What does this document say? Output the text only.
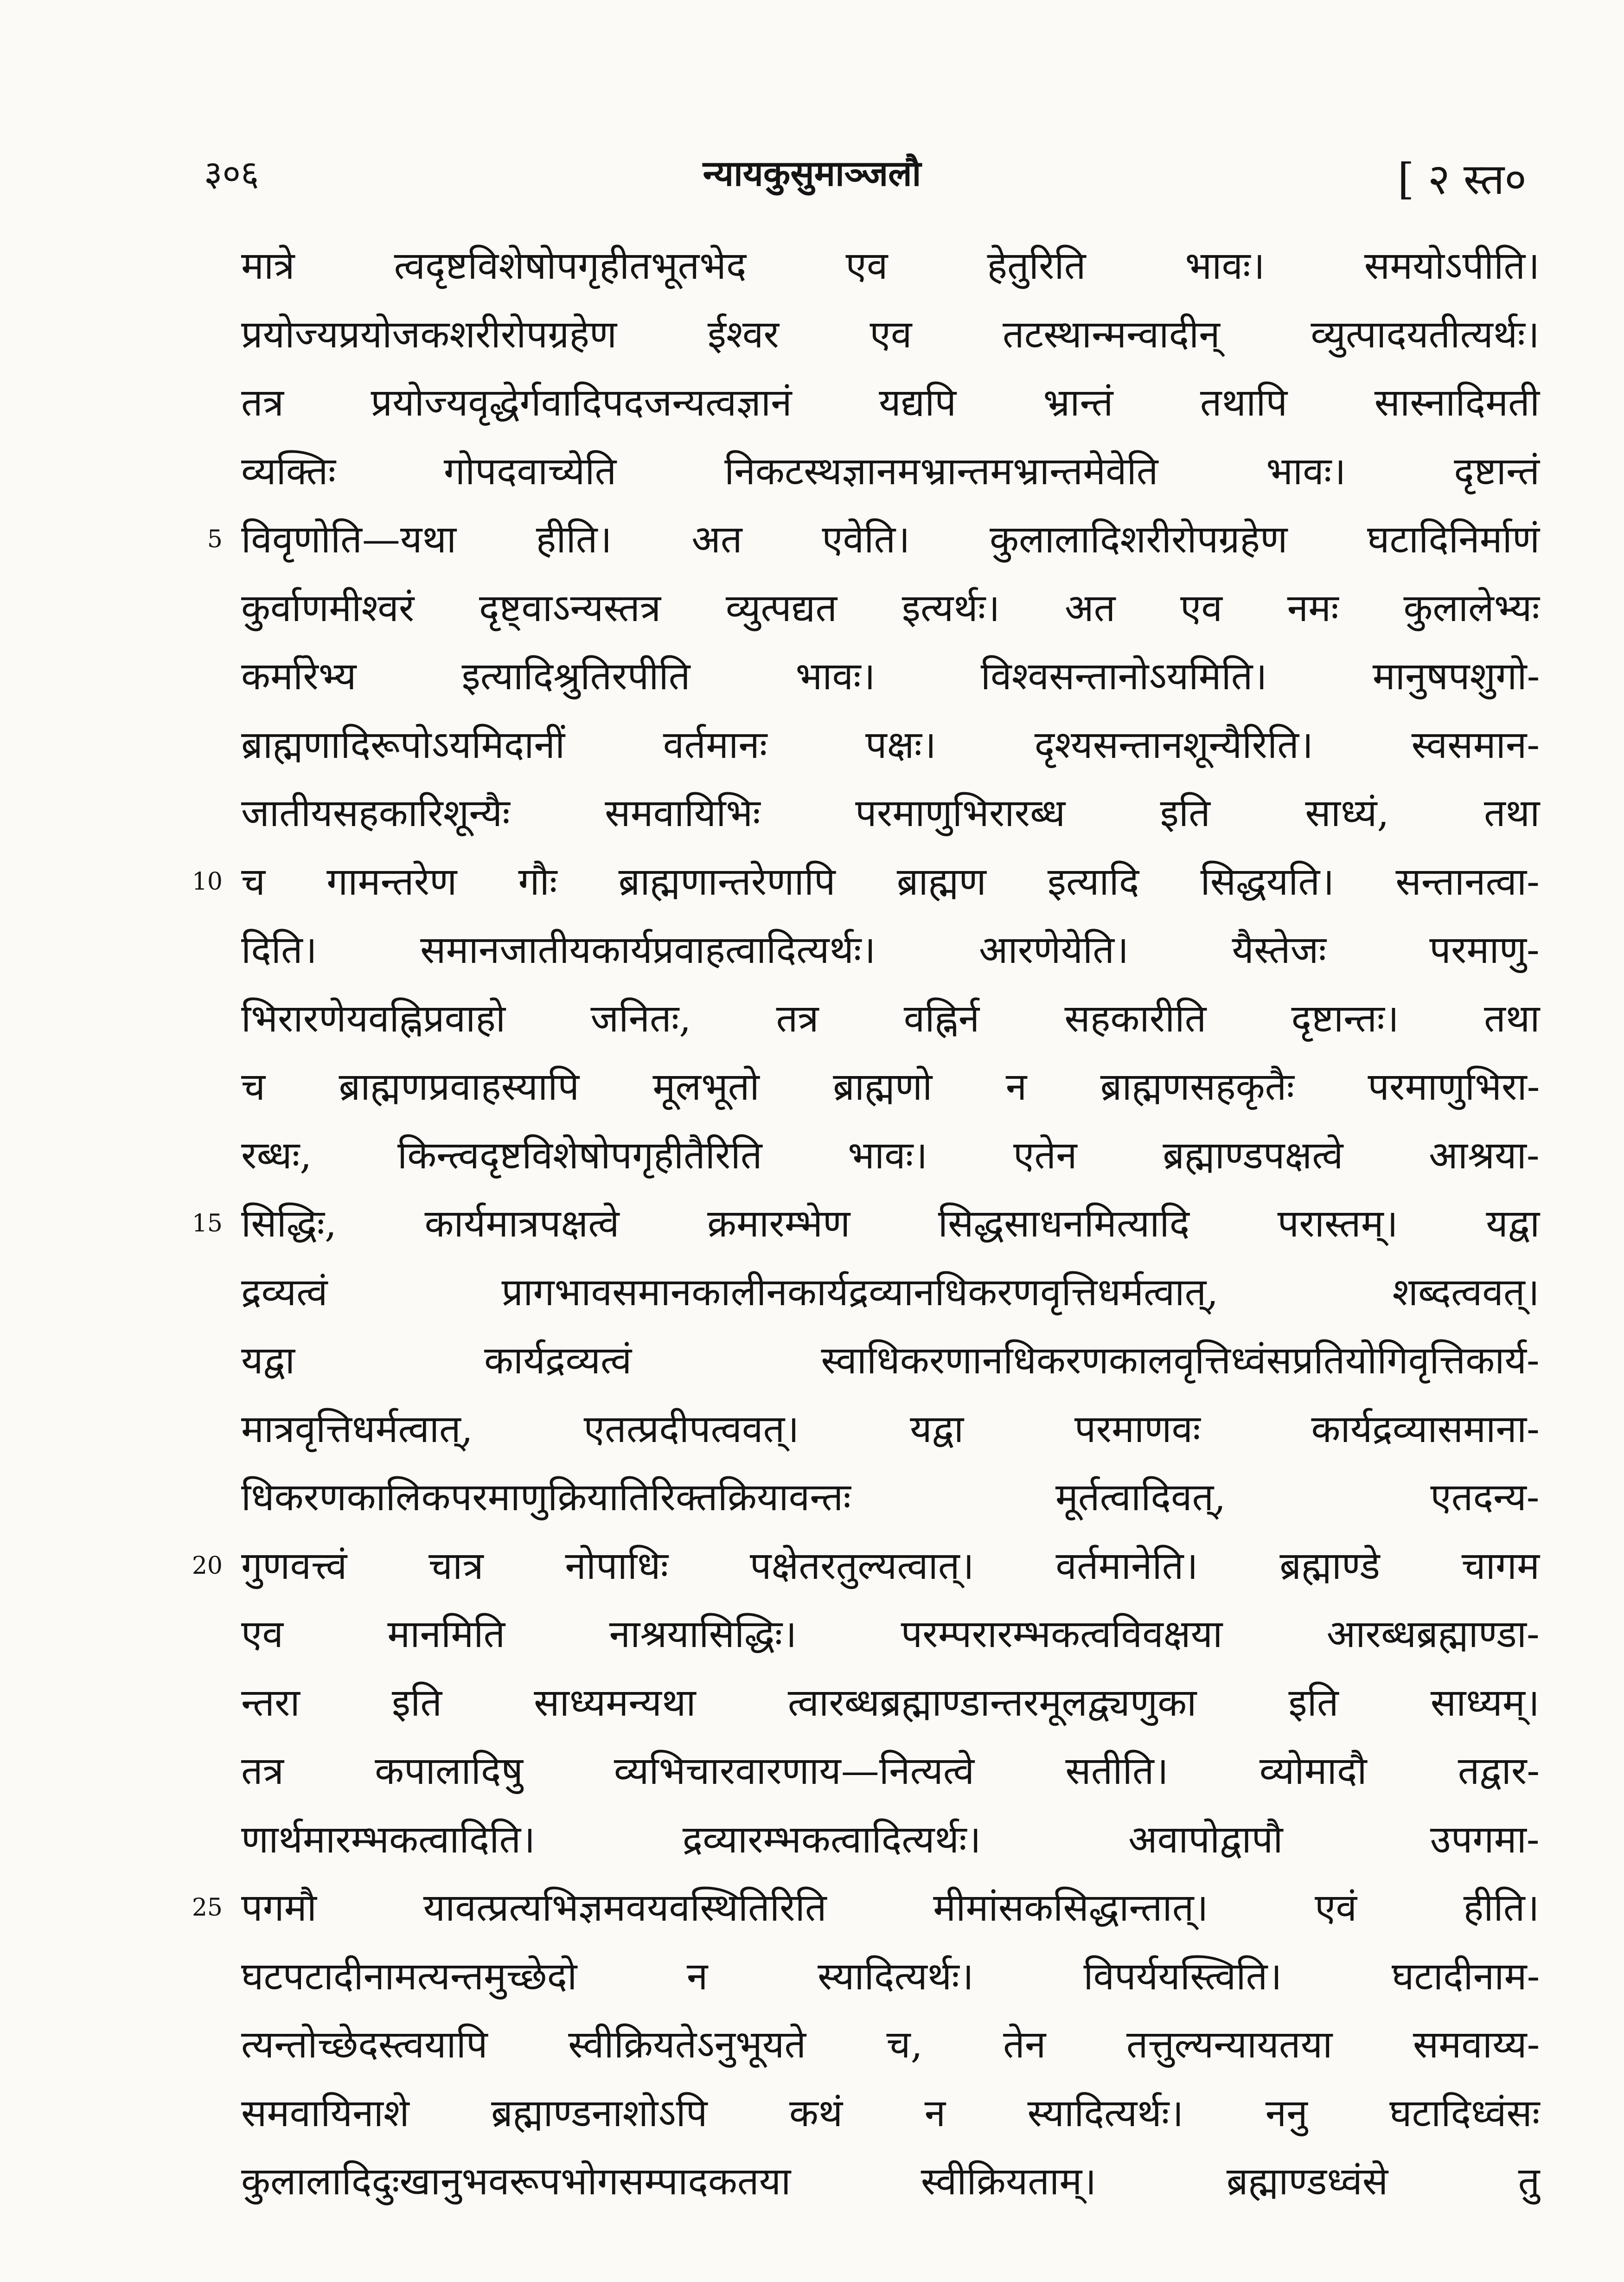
३०६	न्यायकुसुमाञ्जलौ	[ २ स्त०
मात्रे त्वदृष्टविशेषोपगृहीतभूतभेद एव हेतुरिति भावः। समयोऽपीति।
प्रयोज्यप्रयोजकशरीरोपग्रहेण ईश्वर एव तटस्थान्मन्वादीन् व्युत्पादयतीत्यर्थः।
तत्र प्रयोज्यवृद्धेर्गवादिपदजन्यत्वज्ञानं यद्यपि भ्रान्तं तथापि सास्नादिमती
व्यक्तिः गोपदवाच्येति निकटस्थज्ञानमभ्रान्तमभ्रान्तमेवेति भावः। दृष्टान्तं
5 विवृणोति—यथा हीति। अत एवेति। कुलालादिशरीरोपग्रहेण घटादिनिर्माणं
कुर्वाणमीश्वरं दृष्ट्वाऽन्यस्तत्र व्युत्पद्यत इत्यर्थः। अत एव नमः कुलालेभ्यः
कर्मारेभ्य इत्यादिश्रुतिरपीति भावः। विश्वसन्तानोऽयमिति। मानुषपशुगो-
ब्राह्मणादिरूपोऽयमिदानीं वर्तमानः पक्षः। दृश्यसन्तानशून्यैरिति। स्वसमान-
जातीयसहकारिशून्यैः समवायिभिः परमाणुभिरारब्ध इति साध्यं, तथा
10 च गामन्तरेण गौः ब्राह्मणान्तरेणापि ब्राह्मण इत्यादि सिद्धयति। सन्तानत्वा-
दिति। समानजातीयकार्यप्रवाहत्वादित्यर्थः। आरणेयेति। यैस्तेजः परमाणु-
भिरारणेयवह्निप्रवाहो जनितः, तत्र वह्निर्न सहकारीति दृष्टान्तः। तथा
च ब्राह्मणप्रवाहस्यापि मूलभूतो ब्राह्मणो न ब्राह्मणसहकृतैः परमाणुभिरा-
रब्धः, किन्त्वदृष्टविशेषोपगृहीतैरिति भावः। एतेन ब्रह्माण्डपक्षत्वे आश्रया-
15 सिद्धिः, कार्यमात्रपक्षत्वे क्रमारम्भेण सिद्धसाधनमित्यादि परास्तम्। यद्वा
द्रव्यत्वं प्रागभावसमानकालीनकार्यद्रव्यानधिकरणवृत्तिधर्मत्वात्, शब्दत्ववत्।
यद्वा कार्यद्रव्यत्वं स्वाधिकरणानधिकरणकालवृत्तिध्वंसप्रतियोगिवृत्तिकार्य-
मात्रवृत्तिधर्मत्वात्, एतत्प्रदीपत्ववत्। यद्वा परमाणवः कार्यद्रव्यासमाना-
धिकरणकालिकपरमाणुक्रियातिरिक्तक्रियावन्तः मूर्तत्वादिवत्, एतदन्य-
20 गुणवत्त्वं चात्र नोपाधिः पक्षेतरतुल्यत्वात्। वर्तमानेति। ब्रह्माण्डे चागम
एव मानमिति नाश्रयासिद्धिः। परम्परारम्भकत्वविवक्षया आरब्धब्रह्माण्डा-
न्तरा इति साध्यमन्यथा त्वारब्धब्रह्माण्डान्तरमूलद्व्यणुका इति साध्यम्।
तत्र कपालादिषु व्यभिचारवारणाय—नित्यत्वे सतीति। व्योमादौ तद्वार-
णार्थमारम्भकत्वादिति। द्रव्यारम्भकत्वादित्यर्थः। अवापोद्वापौ उपगमा-
25 पगमौ यावत्प्रत्यभिज्ञमवयवस्थितिरिति मीमांसकसिद्धान्तात्। एवं हीति।
घटपटादीनामत्यन्तमुच्छेदो न स्यादित्यर्थः। विपर्ययस्त्विति। घटादीनाम-
त्यन्तोच्छेदस्त्वयापि स्वीक्रियतेऽनुभूयते च, तेन तत्तुल्यन्यायतया समवाय्य-
समवायिनाशे ब्रह्माण्डनाशोऽपि कथं न स्यादित्यर्थः। ननु घटादिध्वंसः
कुलालादिदुःखानुभवरूपभोगसम्पादकतया स्वीक्रियताम्। ब्रह्माण्डध्वंसे तु
